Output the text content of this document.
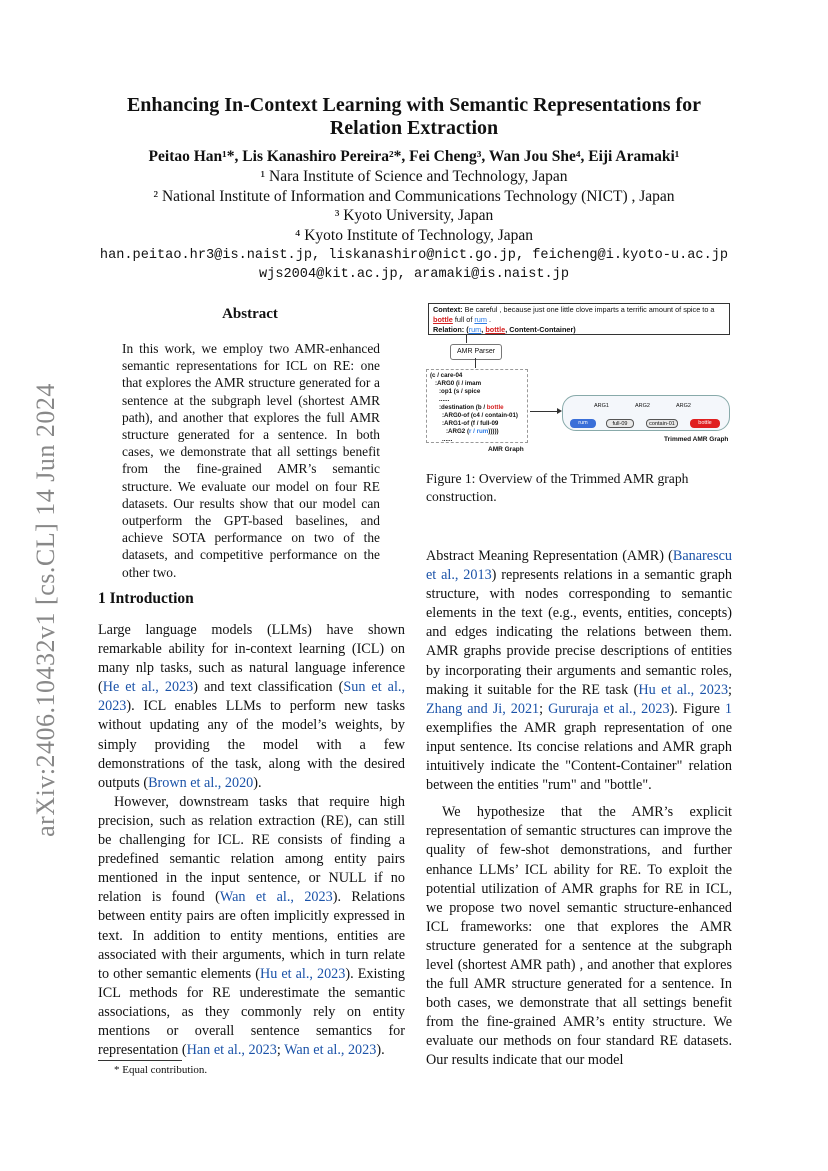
arXiv:2406.10432v1 [cs.CL] 14 Jun 2024
Enhancing In-Context Learning with Semantic Representations for
Relation Extraction
Peitao Han¹*, Lis Kanashiro Pereira²*, Fei Cheng³, Wan Jou She⁴, Eiji Aramaki¹
¹ Nara Institute of Science and Technology, Japan
² National Institute of Information and Communications Technology (NICT) , Japan
³ Kyoto University, Japan
⁴ Kyoto Institute of Technology, Japan
han.peitao.hr3@is.naist.jp, liskanashiro@nict.go.jp, feicheng@i.kyoto-u.ac.jp
wjs2004@kit.ac.jp, aramaki@is.naist.jp
Abstract
In this work, we employ two AMR-enhanced semantic representations for ICL on RE: one that explores the AMR structure generated for a sentence at the subgraph level (shortest AMR path), and another that explores the full AMR structure generated for a sentence. In both cases, we demonstrate that all settings benefit from the fine-grained AMR’s semantic structure. We evaluate our model on four RE datasets. Our results show that our model can outperform the GPT-based baselines, and achieve SOTA performance on two of the datasets, and competitive performance on the other two.
1 Introduction

Large language models (LLMs) have shown remarkable ability for in-context learning (ICL) on many nlp tasks, such as natural language inference (He et al., 2023) and text classification (Sun et al., 2023). ICL enables LLMs to perform new tasks without updating any of the model’s weights, by simply providing the model with a few demonstrations of the task, along with the desired outputs (Brown et al., 2020).

However, downstream tasks that require high precision, such as relation extraction (RE), can still be challenging for ICL. RE consists of finding a predefined semantic relation among entity pairs mentioned in the input sentence, or NULL if no relation is found (Wan et al., 2023). Relations between entity pairs are often implicitly expressed in text. In addition to entity mentions, entities are associated with their arguments, which in turn relate to other semantic elements (Hu et al., 2023). Existing ICL methods for RE underestimate the semantic associations, as they commonly rely on entity mentions or overall sentence semantics for representation (Han et al., 2023; Wan et al., 2023).

* Equal contribution.
Context: Be careful , because just one little clove imparts a terrific amount of spice to a bottle full of rum .
Relation: (rum, bottle, Content-Container)
AMR Parser
(c / care-04
:ARG0 (i / imam
:op1 (s / spice
......
:destination (b / bottle
:ARG0-of (c4 / contain-01)
:ARG1-of (f / full-09
:ARG2 (r / rum)))))
......
AMR Graph
ARG1	ARG2	ARG2
rum	full-09	contain-01	bottle
Trimmed AMR Graph
Figure 1: Overview of the Trimmed AMR graph construction.

Abstract Meaning Representation (AMR) (Banarescu et al., 2013) represents relations in a semantic graph structure, with nodes corresponding to semantic elements in the text (e.g., events, entities, concepts) and edges indicating the relations between them. AMR graphs provide precise descriptions of entities by incorporating their arguments and semantic roles, making it suitable for the RE task (Hu et al., 2023; Zhang and Ji, 2021; Gururaja et al., 2023). Figure 1 exemplifies the AMR graph representation of one input sentence. Its concise relations and AMR graph intuitively indicate the "Content-Container" relation between the entities "rum" and "bottle".

We hypothesize that the AMR’s explicit representation of semantic structures can improve the quality of few-shot demonstrations, and further enhance LLMs’ ICL ability for RE. To exploit the potential utilization of AMR graphs for RE in ICL, we propose two novel semantic structure-enhanced ICL frameworks: one that explores the AMR structure generated for a sentence at the subgraph level (shortest AMR path) , and another that explores the full AMR structure generated for a sentence. In both cases, we demonstrate that all settings benefit from the fine-grained AMR’s entity structure. We evaluate our methods on four standard RE datasets. Our results indicate that our model
